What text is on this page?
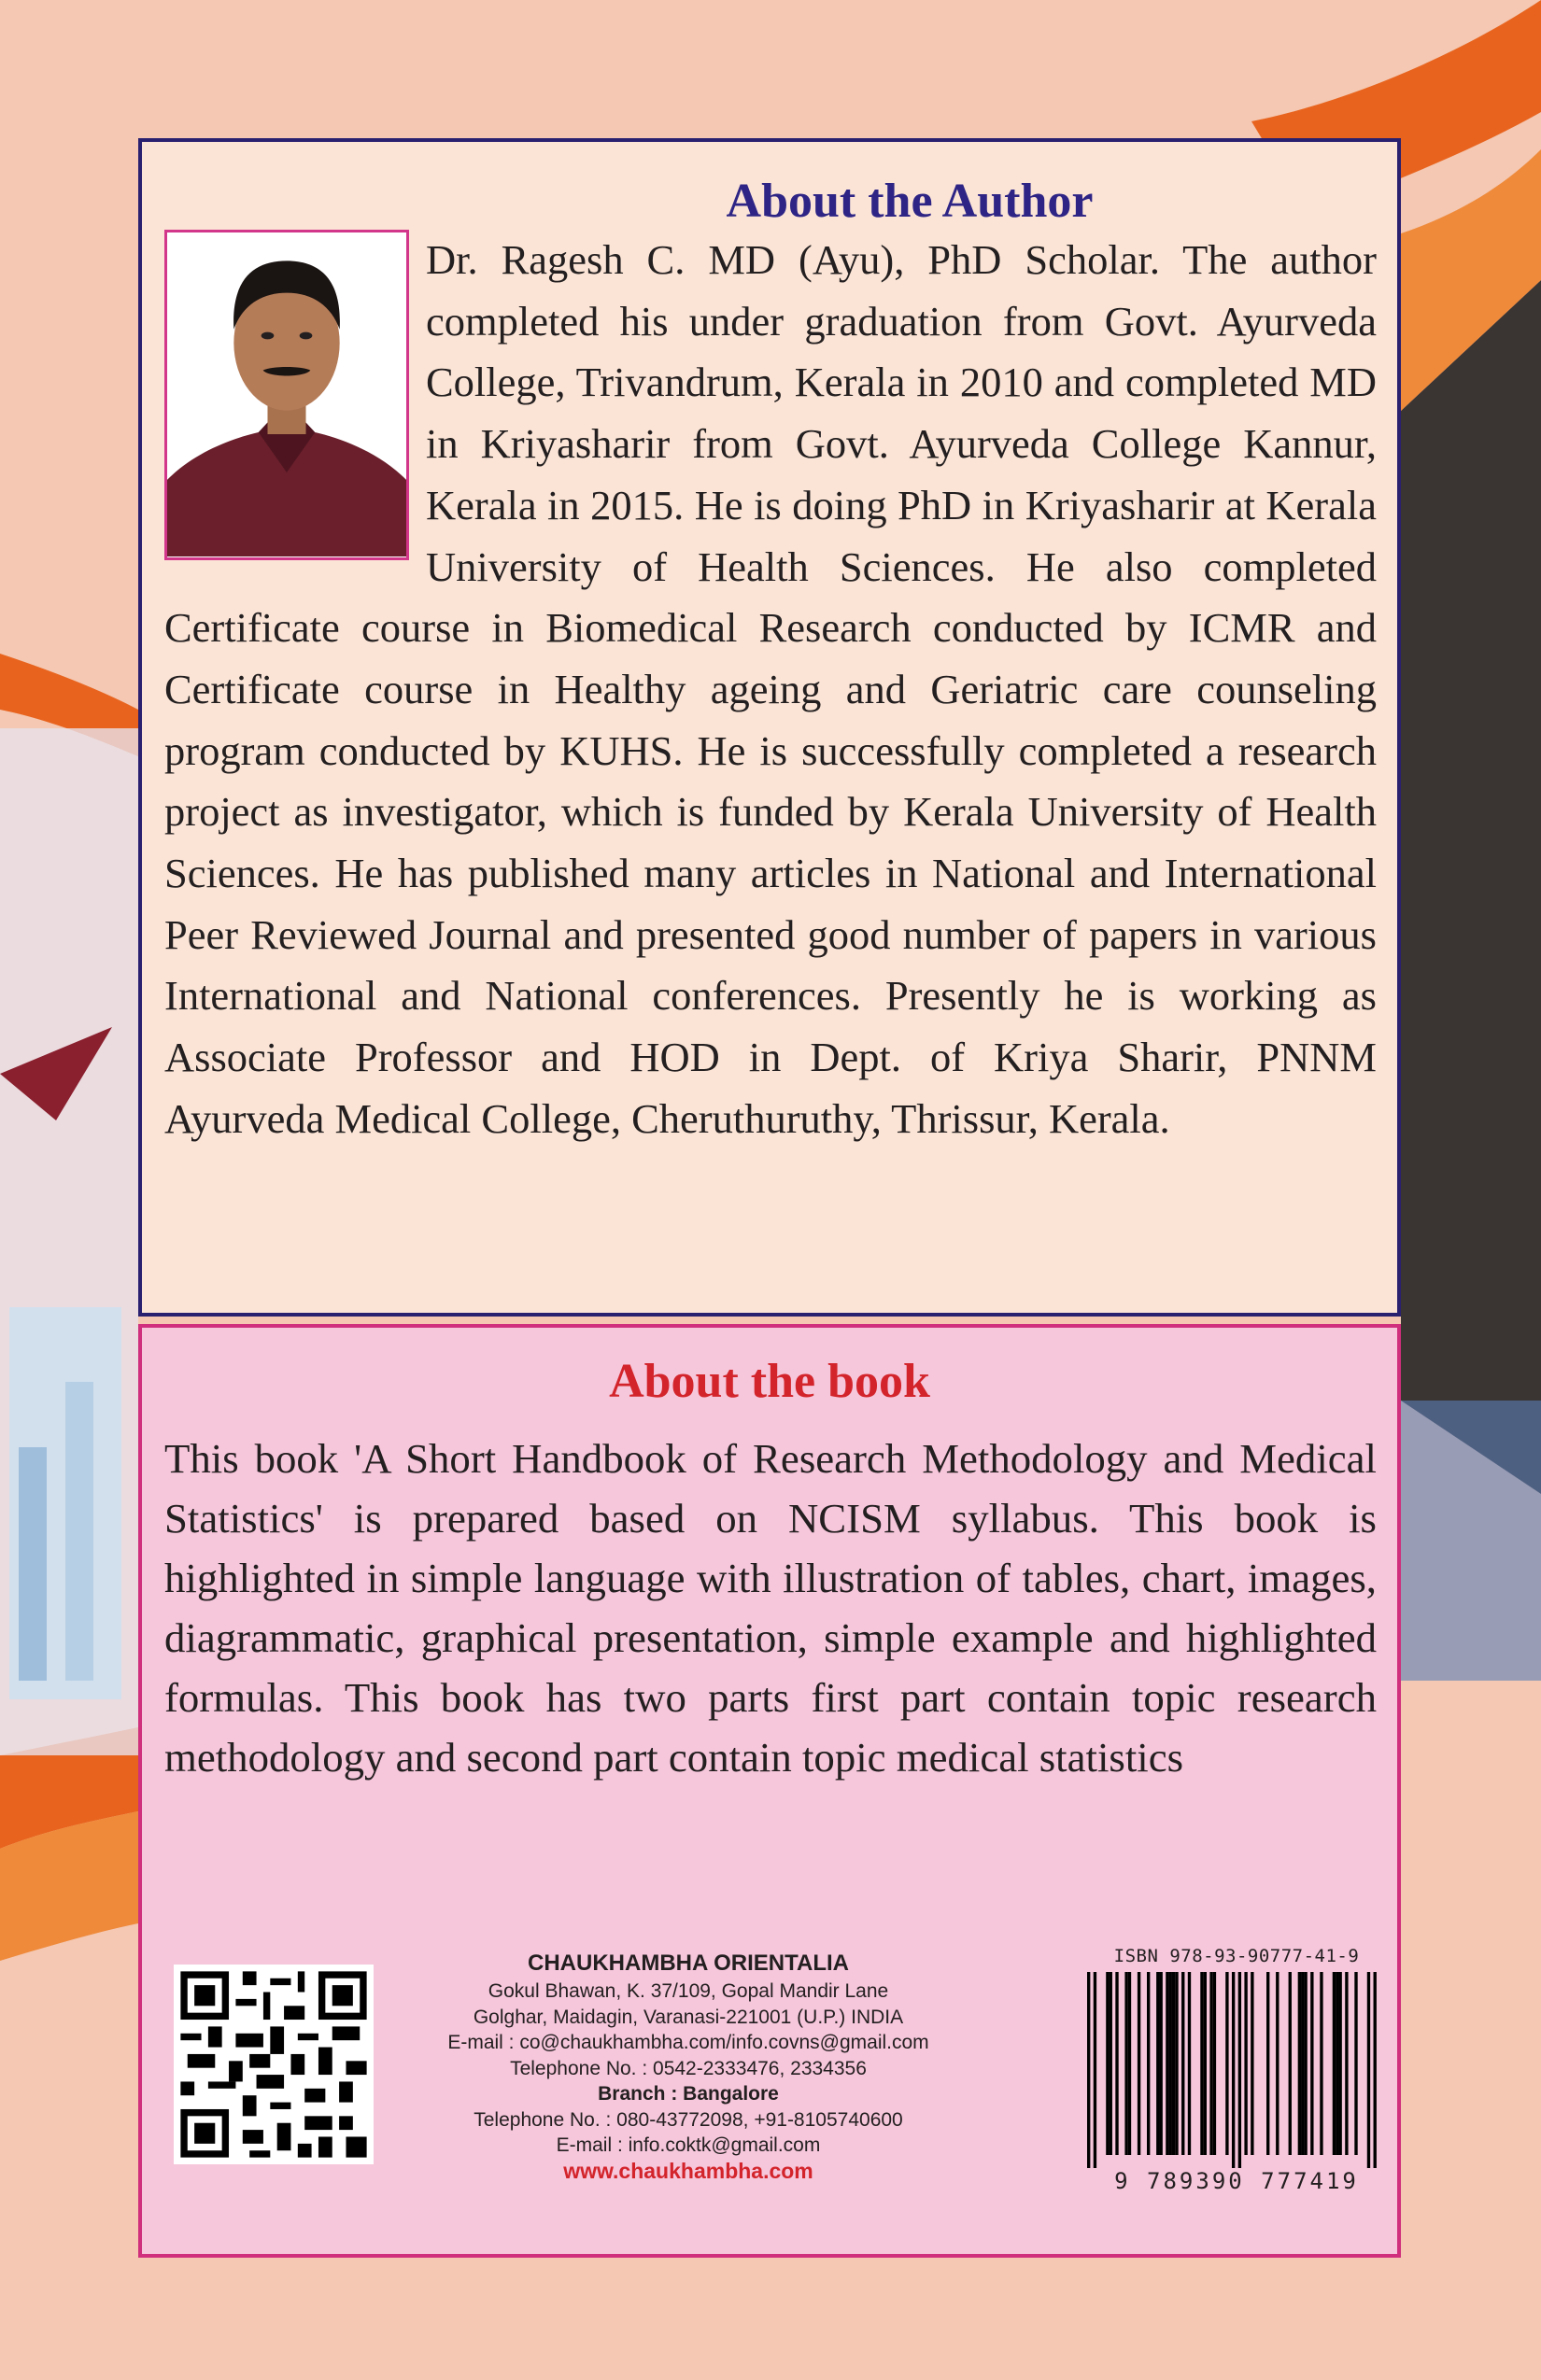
About the Author

Dr. Ragesh C. MD (Ayu), PhD Scholar. The author completed his under graduation from Govt. Ayurveda College, Trivandrum, Kerala in 2010 and completed MD in Kriyasharir from Govt. Ayurveda College Kannur, Kerala in 2015. He is doing PhD in Kriyasharir at Kerala University of Health Sciences. He also completed Certificate course in Biomedical Research conducted by ICMR and Certificate course in Healthy ageing and Geriatric care counseling program conducted by KUHS. He is successfully completed a research project as investigator, which is funded by Kerala University of Health Sciences. He has published many articles in National and International Peer Reviewed Journal and presented good number of papers in various International and National conferences. Presently he is working as Associate Professor and HOD in Dept. of Kriya Sharir, PNNM Ayurveda Medical College, Cheruthuruthy, Thrissur, Kerala.

About the book

This book 'A Short Handbook of Research Methodology and Medical Statistics' is prepared based on NCISM syllabus. This book is highlighted in simple language with illustration of tables, chart, images, diagrammatic, graphical presentation, simple example and highlighted formulas. This book has two parts first part contain topic research methodology and second part contain topic medical statistics

CHAUKHAMBHA ORIENTALIA
Gokul Bhawan, K. 37/109, Gopal Mandir Lane
Golghar, Maidagin, Varanasi-221001 (U.P.) INDIA
E-mail : co@chaukhambha.com/info.covns@gmail.com
Telephone No. : 0542-2333476, 2334356
Branch : Bangalore
Telephone No. : 080-43772098, +91-8105740600
E-mail : info.coktk@gmail.com
www.chaukhambha.com
ISBN 978-93-90777-41-9
9 789390 777419
